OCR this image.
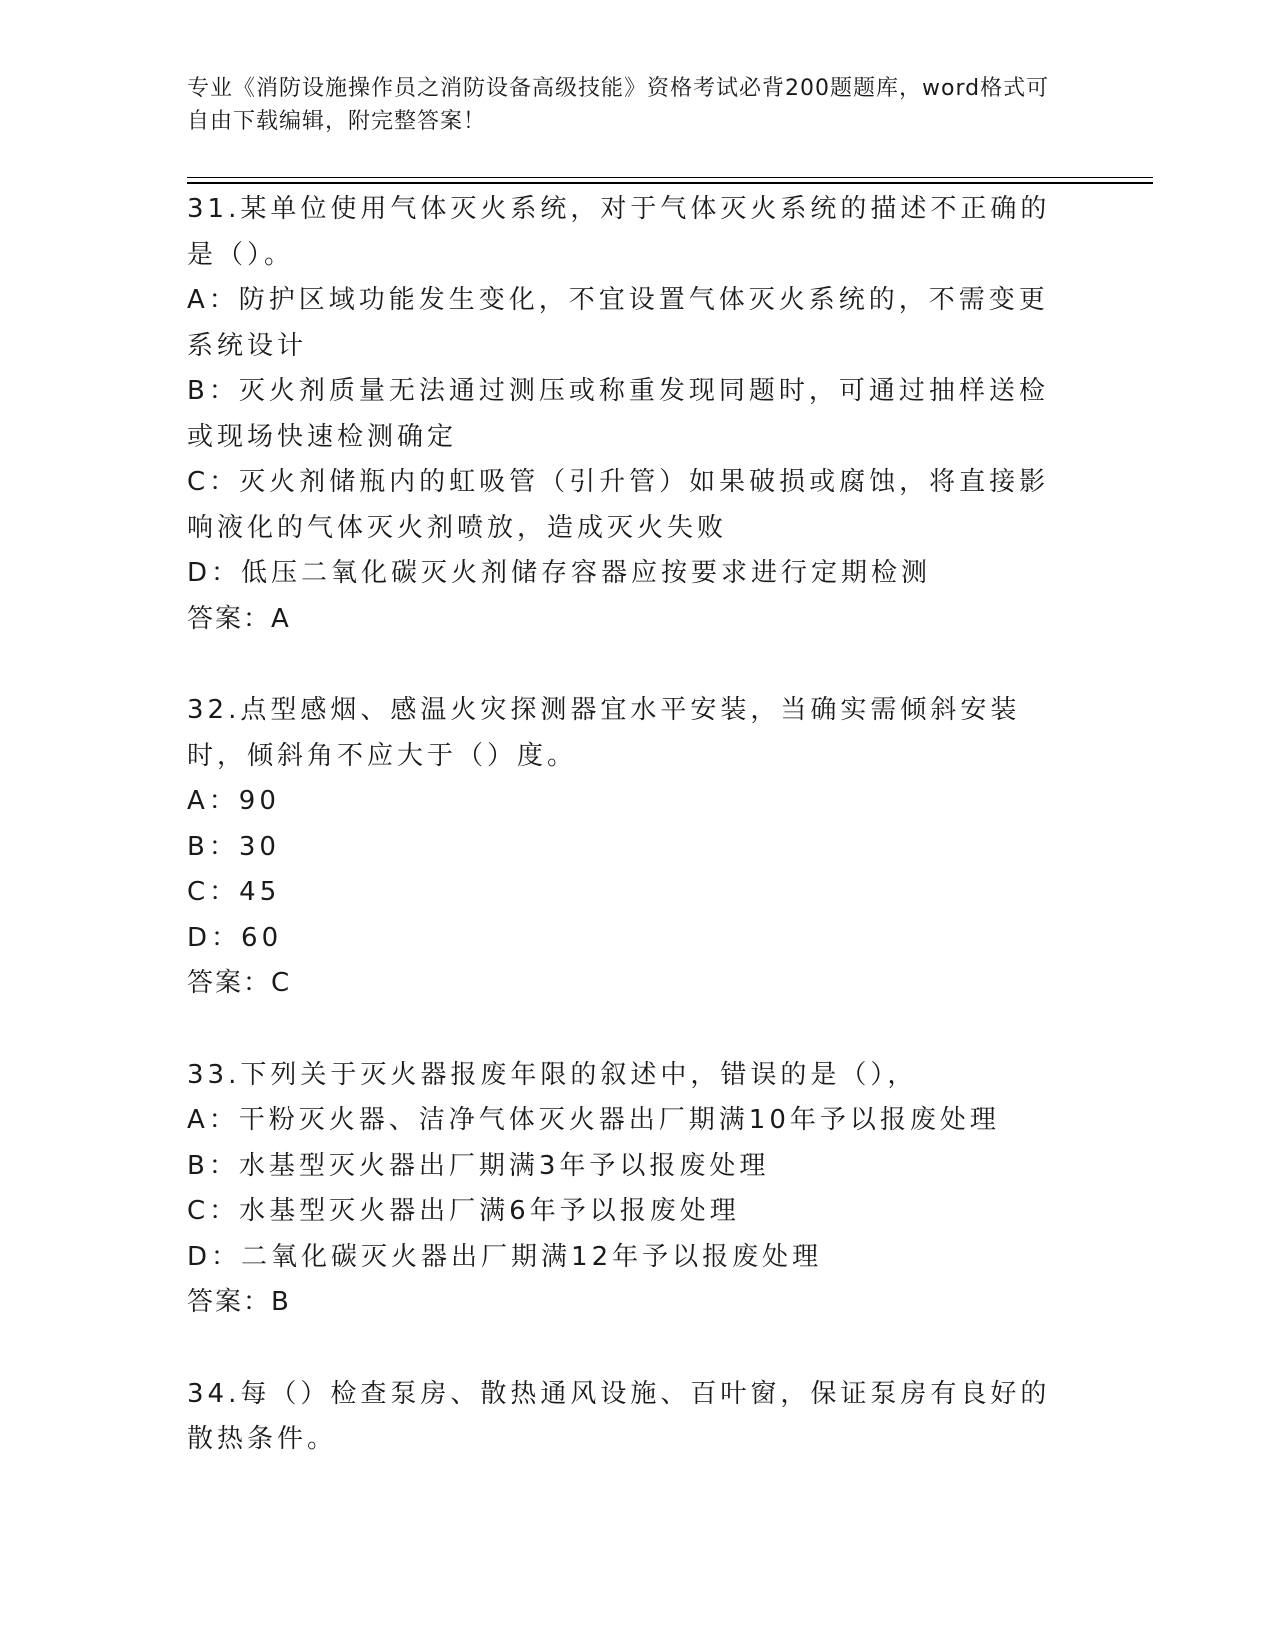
专业《消防设施操作员之消防设备高级技能》资格考试必背200题题库，word格式可自由下载编辑，附完整答案！
31.某单位使用气体灭火系统，对于气体灭火系统的描述不正确的是（）。
A：防护区域功能发生变化，不宜设置气体灭火系统的，不需变更系统设计
B：灭火剂质量无法通过测压或称重发现同题时，可通过抽样送检或现场快速检测确定
C：灭火剂储瓶内的虹吸管（引升管）如果破损或腐蚀，将直接影响液化的气体灭火剂喷放，造成灭火失败
D：低压二氧化碳灭火剂储存容器应按要求进行定期检测
答案：A
32.点型感烟、感温火灾探测器宜水平安装，当确实需倾斜安装时，倾斜角不应大于（）度。
A：90
B：30
C：45
D：60
答案：C
33.下列关于灭火器报废年限的叙述中，错误的是（），
A：干粉灭火器、洁净气体灭火器出厂期满10年予以报废处理
B：水基型灭火器出厂期满3年予以报废处理
C：水基型灭火器出厂满6年予以报废处理
D：二氧化碳灭火器出厂期满12年予以报废处理
答案：B
34.每（）检查泵房、散热通风设施、百叶窗，保证泵房有良好的散热条件。
